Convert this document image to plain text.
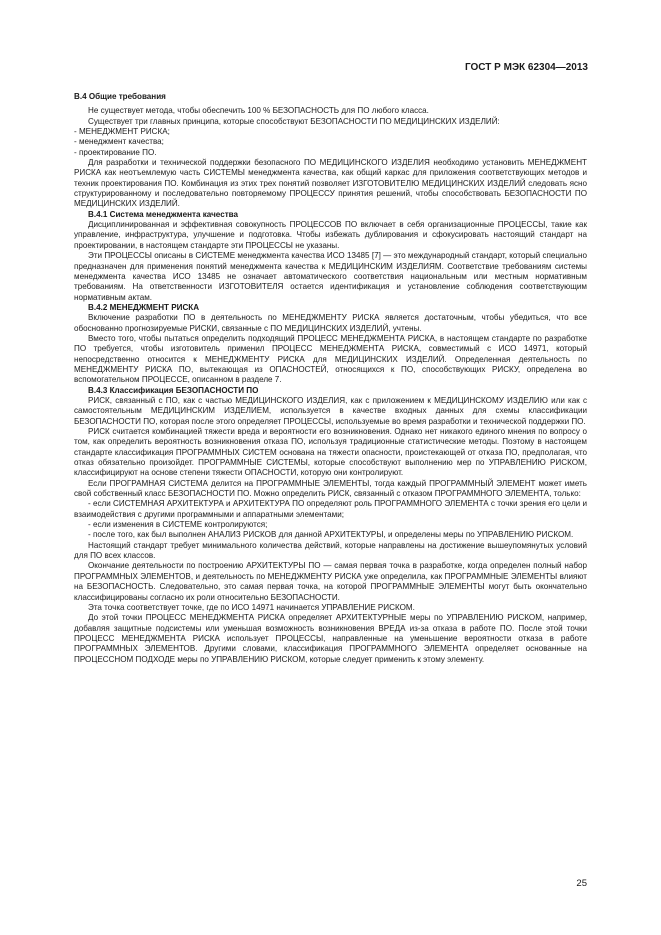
ГОСТ Р МЭК 62304—2013

В.4 Общие требования

Не существует метода, чтобы обеспечить 100 % БЕЗОПАСНОСТЬ для ПО любого класса.

Существует три главных принципа, которые способствуют БЕЗОПАСНОСТИ ПО МЕДИЦИНСКИХ ИЗДЕЛИЙ:

- МЕНЕДЖМЕНТ РИСКА;

- менеджмент качества;

- проектирование ПО.

Для разработки и технической поддержки безопасного ПО МЕДИЦИНСКОГО ИЗДЕЛИЯ необходимо установить МЕНЕДЖМЕНТ РИСКА как неотъемлемую часть СИСТЕМЫ менеджмента качества, как общий каркас для приложения соответствующих методов и техник проектирования ПО. Комбинация из этих трех понятий позволяет ИЗГОТОВИТЕЛЮ МЕДИЦИНСКИХ ИЗДЕЛИЙ следовать ясно структурированному и последовательно повторяемому ПРОЦЕССУ принятия решений, чтобы способствовать БЕЗОПАСНОСТИ ПО МЕДИЦИНСКИХ ИЗДЕЛИЙ.

В.4.1 Система менеджмента качества

Дисциплинированная и эффективная совокупность ПРОЦЕССОВ ПО включает в себя организационные ПРОЦЕССЫ, такие как управление, инфраструктура, улучшение и подготовка. Чтобы избежать дублирования и сфокусировать настоящий стандарт на проектировании, в настоящем стандарте эти ПРОЦЕССЫ не указаны.

Эти ПРОЦЕССЫ описаны в СИСТЕМЕ менеджмента качества ИСО 13485 [7] — это международный стандарт, который специально предназначен для применения понятий менеджмента качества к МЕДИЦИНСКИМ ИЗДЕЛИЯМ. Соответствие требованиям системы менеджмента качества ИСО 13485 не означает автоматического соответствия национальным или местным нормативным требованиям. На ответственности ИЗГОТОВИТЕЛЯ остается идентификация и установление соблюдения соответствующим нормативным актам.

В.4.2 МЕНЕДЖМЕНТ РИСКА

Включение разработки ПО в деятельность по МЕНЕДЖМЕНТУ РИСКА является достаточным, чтобы убедиться, что все обоснованно прогнозируемые РИСКИ, связанные с ПО МЕДИЦИНСКИХ ИЗДЕЛИЙ, учтены.

Вместо того, чтобы пытаться определить подходящий ПРОЦЕСС МЕНЕДЖМЕНТА РИСКА, в настоящем стандарте по разработке ПО требуется, чтобы изготовитель применил ПРОЦЕСС МЕНЕДЖМЕНТА РИСКА, совместимый с ИСО 14971, который непосредственно относится к МЕНЕДЖМЕНТУ РИСКА для МЕДИЦИНСКИХ ИЗДЕЛИЙ. Определенная деятельность по МЕНЕДЖМЕНТУ РИСКА ПО, вытекающая из ОПАСНОСТЕЙ, относящихся к ПО, способствующих РИСКУ, определена во вспомогательном ПРОЦЕССЕ, описанном в разделе 7.

В.4.3 Классификация БЕЗОПАСНОСТИ ПО

РИСК, связанный с ПО, как с частью МЕДИЦИНСКОГО ИЗДЕЛИЯ, как с приложением к МЕДИЦИНСКОМУ ИЗДЕЛИЮ или как с самостоятельным МЕДИЦИНСКИМ ИЗДЕЛИЕМ, используется в качестве входных данных для схемы классификации БЕЗОПАСНОСТИ ПО, которая после этого определяет ПРОЦЕССЫ, используемые во время разработки и технической поддержки ПО.

РИСК считается комбинацией тяжести вреда и вероятности его возникновения. Однако нет никакого единого мнения по вопросу о том, как определить вероятность возникновения отказа ПО, используя традиционные статистические методы. Поэтому в настоящем стандарте классификация ПРОГРАММНЫХ СИСТЕМ основана на тяжести опасности, проистекающей от отказа ПО, предполагая, что отказ обязательно произойдет. ПРОГРАММНЫЕ СИСТЕМЫ, которые способствуют выполнению мер по УПРАВЛЕНИЮ РИСКОМ, классифицируют на основе степени тяжести ОПАСНОСТИ, которую они контролируют.

Если ПРОГРАМНАЯ СИСТЕМА делится на ПРОГРАММНЫЕ ЭЛЕМЕНТЫ, тогда каждый ПРОГРАММНЫЙ ЭЛЕМЕНТ может иметь свой собственный класс БЕЗОПАСНОСТИ ПО. Можно определить РИСК, связанный с отказом ПРОГРАММНОГО ЭЛЕМЕНТА, только:

- если СИСТЕМНАЯ АРХИТЕКТУРА и АРХИТЕКТУРА ПО определяют роль ПРОГРАММНОГО ЭЛЕМЕНТА с точки зрения его цели и взаимодействия с другими программными и аппаратными элементами;

- если изменения в СИСТЕМЕ контролируются;

- после того, как был выполнен АНАЛИЗ РИСКОВ для данной АРХИТЕКТУРЫ, и определены меры по УПРАВЛЕНИЮ РИСКОМ.

Настоящий стандарт требует минимального количества действий, которые направлены на достижение вышеупомянутых условий для ПО всех классов.

Окончание деятельности по построению АРХИТЕКТУРЫ ПО — самая первая точка в разработке, когда определен полный набор ПРОГРАММНЫХ ЭЛЕМЕНТОВ, и деятельность по МЕНЕДЖМЕНТУ РИСКА уже определила, как ПРОГРАММНЫЕ ЭЛЕМЕНТЫ влияют на БЕЗОПАСНОСТЬ. Следовательно, это самая первая точка, на которой ПРОГРАММНЫЕ ЭЛЕМЕНТЫ могут быть окончательно классифицированы согласно их роли относительно БЕЗОПАСНОСТИ.

Эта точка соответствует точке, где по ИСО 14971 начинается УПРАВЛЕНИЕ РИСКОМ.

До этой точки ПРОЦЕСС МЕНЕДЖМЕНТА РИСКА определяет АРХИТЕКТУРНЫЕ меры по УПРАВЛЕНИЮ РИСКОМ, например, добавляя защитные подсистемы или уменьшая возможность возникновения ВРЕДА из-за отказа в работе ПО. После этой точки ПРОЦЕСС МЕНЕДЖМЕНТА РИСКА использует ПРОЦЕССЫ, направленные на уменьшение вероятности отказа в работе ПРОГРАММНЫХ ЭЛЕМЕНТОВ. Другими словами, классификация ПРОГРАММНОГО ЭЛЕМЕНТА определяет основанные на ПРОЦЕССНОМ ПОДХОДЕ меры по УПРАВЛЕНИЮ РИСКОМ, которые следует применить к этому элементу.

25
